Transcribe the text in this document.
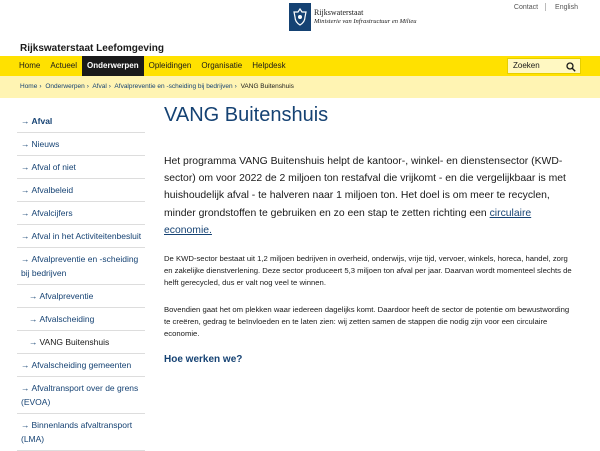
Rijkswaterstaat
Ministerie van Infrastructuur en Milieu
Contact English
Rijkswaterstaat Leefomgeving
Home	Actueel	Onderwerpen	Opleidingen	Organisatie	Helpdesk	Zoeken
Home › Onderwerpen › Afval › Afvalpreventie en -scheiding bij bedrijven › VANG Buitenshuis
→ Afval
→ Nieuws
→ Afval of niet
→ Afvalbeleid
→ Afvalcijfers
→ Afval in het Activiteitenbesluit
→ Afvalpreventie en -scheiding bij bedrijven
→ Afvalpreventie
→ Afvalscheiding
→ VANG Buitenshuis
→ Afvalscheiding gemeenten
→ Afvaltransport over de grens (EVOA)
→ Binnenlands afvaltransport (LMA)
VANG Buitenshuis

Het programma VANG Buitenshuis helpt de kantoor-, winkel- en dienstensector (KWD-sector) om voor 2022 de 2 miljoen ton restafval die vrijkomt - en die vergelijkbaar is met huishoudelijk afval - te halveren naar 1 miljoen ton. Het doel is om meer te recyclen, minder grondstoffen te gebruiken en zo een stap te zetten richting een circulaire economie.

De KWD-sector bestaat uit 1,2 miljoen bedrijven in overheid, onderwijs, vrije tijd, vervoer, winkels, horeca, handel, zorg en zakelijke dienstverlening. Deze sector produceert 5,3 miljoen ton afval per jaar. Daarvan wordt momenteel slechts de helft gerecycled, dus er valt nog veel te winnen.

Bovendien gaat het om plekken waar iedereen dagelijks komt. Daardoor heeft de sector de potentie om bewustwording te creëren, gedrag te beïnvloeden en te laten zien: wij zetten samen de stappen die nodig zijn voor een circulaire economie.

Hoe werken we?
